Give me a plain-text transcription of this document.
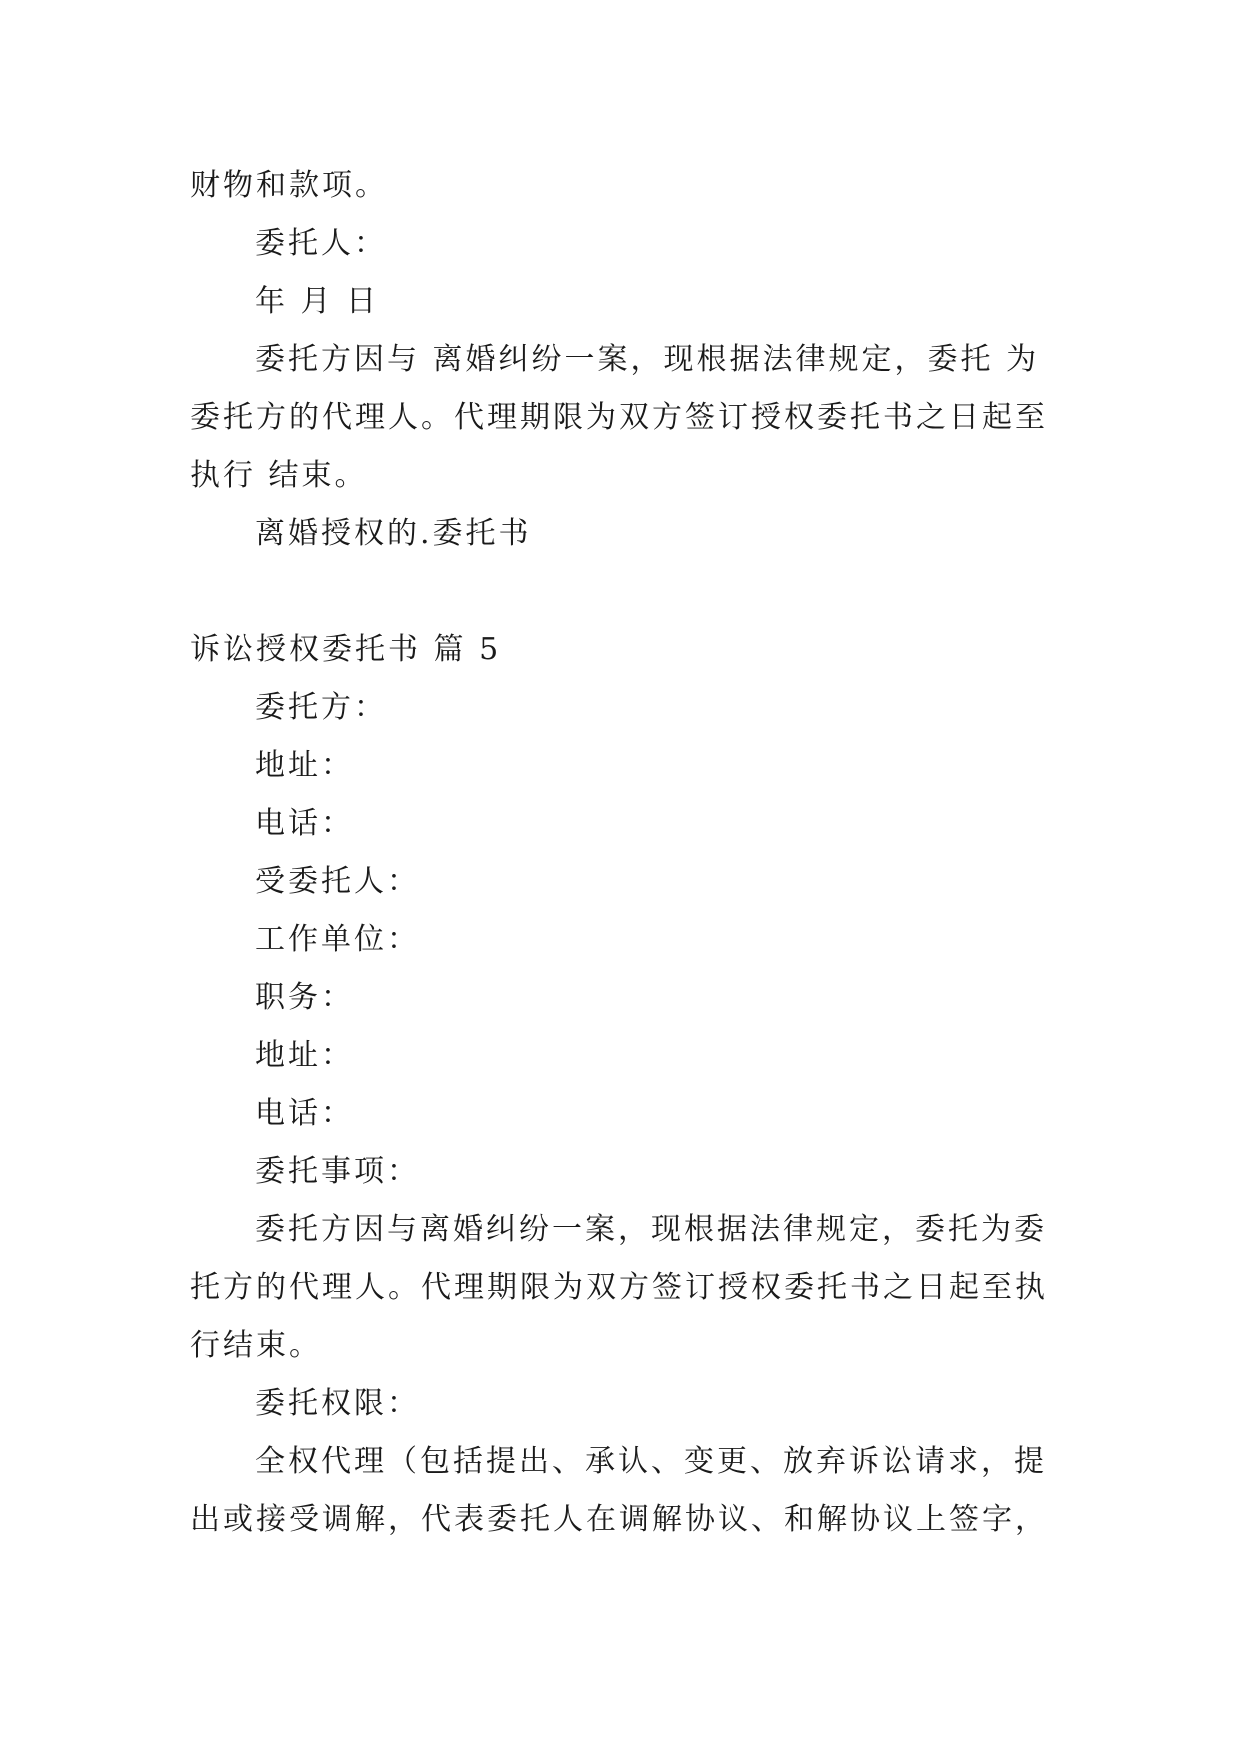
财物和款项。
委托人：
年 月 日
委托方因与 离婚纠纷一案，现根据法律规定，委托 为
委托方的代理人。代理期限为双方签订授权委托书之日起至
执行 结束。
离婚授权的.委托书
诉讼授权委托书 篇 5
委托方：
地址：
电话：
受委托人：
工作单位：
职务：
地址：
电话：
委托事项：
委托方因与离婚纠纷一案，现根据法律规定，委托为委
托方的代理人。代理期限为双方签订授权委托书之日起至执
行结束。
委托权限：
全权代理（包括提出、承认、变更、放弃诉讼请求，提
出或接受调解，代表委托人在调解协议、和解协议上签字，
